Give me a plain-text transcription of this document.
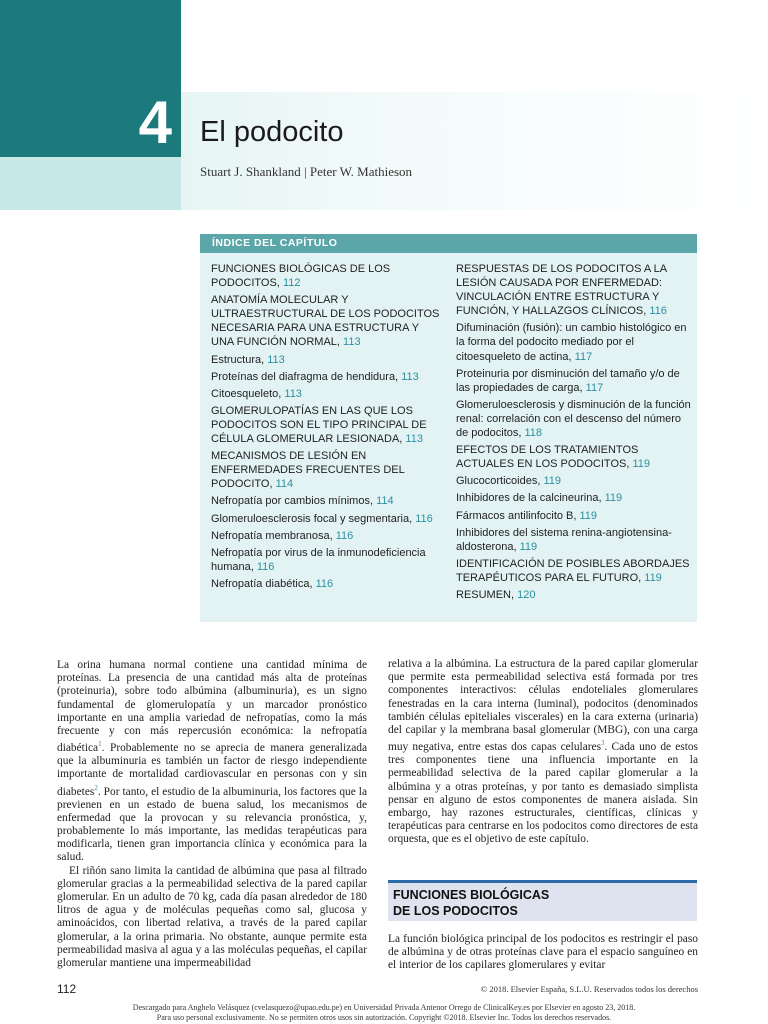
4 El podocito
Stuart J. Shankland | Peter W. Mathieson
ÍNDICE DEL CAPÍTULO
FUNCIONES BIOLÓGICAS DE LOS PODOCITOS, 112
ANATOMÍA MOLECULAR Y ULTRAESTRUCTURAL DE LOS PODOCITOS NECESARIA PARA UNA ESTRUCTURA Y UNA FUNCIÓN NORMAL, 113
Estructura, 113
Proteínas del diafragma de hendidura, 113
Citoesqueleto, 113
GLOMERULOPATÍAS EN LAS QUE LOS PODOCITOS SON EL TIPO PRINCIPAL DE CÉLULA GLOMERULAR LESIONADA, 113
MECANISMOS DE LESIÓN EN ENFERMEDADES FRECUENTES DEL PODOCITO, 114
Nefropatía por cambios mínimos, 114
Glomeruloesclerosis focal y segmentaria, 116
Nefropatía membranosa, 116
Nefropatía por virus de la inmunodeficiencia humana, 116
Nefropatía diabética, 116
RESPUESTAS DE LOS PODOCITOS A LA LESIÓN CAUSADA POR ENFERMEDAD: VINCULACIÓN ENTRE ESTRUCTURA Y FUNCIÓN, Y HALLAZGOS CLÍNICOS, 116
Difuminación (fusión): un cambio histológico en la forma del podocito mediado por el citoesqueleto de actina, 117
Proteinuria por disminución del tamaño y/o de las propiedades de carga, 117
Glomeruloesclerosis y disminución de la función renal: correlación con el descenso del número de podocitos, 118
EFECTOS DE LOS TRATAMIENTOS ACTUALES EN LOS PODOCITOS, 119
Glucocorticoides, 119
Inhibidores de la calcineurina, 119
Fármacos antilinfocito B, 119
Inhibidores del sistema renina-angiotensina-aldosterona, 119
IDENTIFICACIÓN DE POSIBLES ABORDAJES TERAPÉUTICOS PARA EL FUTURO, 119
RESUMEN, 120

La orina humana normal contiene una cantidad mínima de proteínas. La presencia de una cantidad más alta de proteínas (proteinuria), sobre todo albúmina (albuminuria), es un signo fundamental de glomerulopatía y un marcador pronóstico importante en una amplia variedad de nefropatías, como la más frecuente y con más repercusión económica: la nefropatía diabética$^1$. Probablemente no se aprecia de manera generalizada que la albuminuria es también un factor de riesgo independiente importante de mortalidad cardiovascular en personas con y sin diabetes$^2$. Por tanto, el estudio de la albuminuria, los factores que la previenen en un estado de buena salud, los mecanismos de enfermedad que la provocan y su relevancia pronóstica, y, probablemente lo más importante, las medidas terapéuticas para modificarla, tienen gran importancia clínica y económica para la salud.

El riñón sano limita la cantidad de albúmina que pasa al filtrado glomerular gracias a la permeabilidad selectiva de la pared capilar glomerular. En un adulto de 70 kg, cada día pasan alrededor de 180 litros de agua y de moléculas pequeñas como sal, glucosa y aminoácidos, con libertad relativa, a través de la pared capilar glomerular, a la orina primaria. No obstante, aunque permite esta permeabilidad masiva al agua y a las moléculas pequeñas, el capilar glomerular mantiene una impermeabilidad

relativa a la albúmina. La estructura de la pared capilar glomerular que permite esta permeabilidad selectiva está formada por tres componentes interactivos: células endoteliales glomerulares fenestradas en la cara interna (luminal), podocitos (denominados también células epiteliales viscerales) en la cara externa (urinaria) del capilar y la membrana basal glomerular (MBG), con una carga muy negativa, entre estas dos capas celulares$^3$. Cada uno de estos tres componentes tiene una influencia importante en la permeabilidad selectiva de la pared capilar glomerular a la albúmina y a otras proteínas, y por tanto es demasiado simplista pensar en alguno de estos componentes de manera aislada. Sin embargo, hay razones estructurales, científicas, clínicas y terapéuticas para centrarse en los podocitos como directores de esta orquesta, que es el objetivo de este capítulo.

FUNCIONES BIOLÓGICAS
DE LOS PODOCITOS

La función biológica principal de los podocitos es restringir el paso de albúmina y de otras proteínas clave para el espacio sanguíneo en el interior de los capilares glomerulares y evitar

112	© 2018. Elsevier España, S.L.U. Reservados todos los derechos
Descargado para Anghelo Velásquez (cvelasquezo@upao.edu.pe) en Universidad Privada Antenor Orrego de ClinicalKey.es por Elsevier en agosto 23, 2018.
Para uso personal exclusivamente. No se permiten otros usos sin autorización. Copyright ©2018. Elsevier Inc. Todos los derechos reservados.
